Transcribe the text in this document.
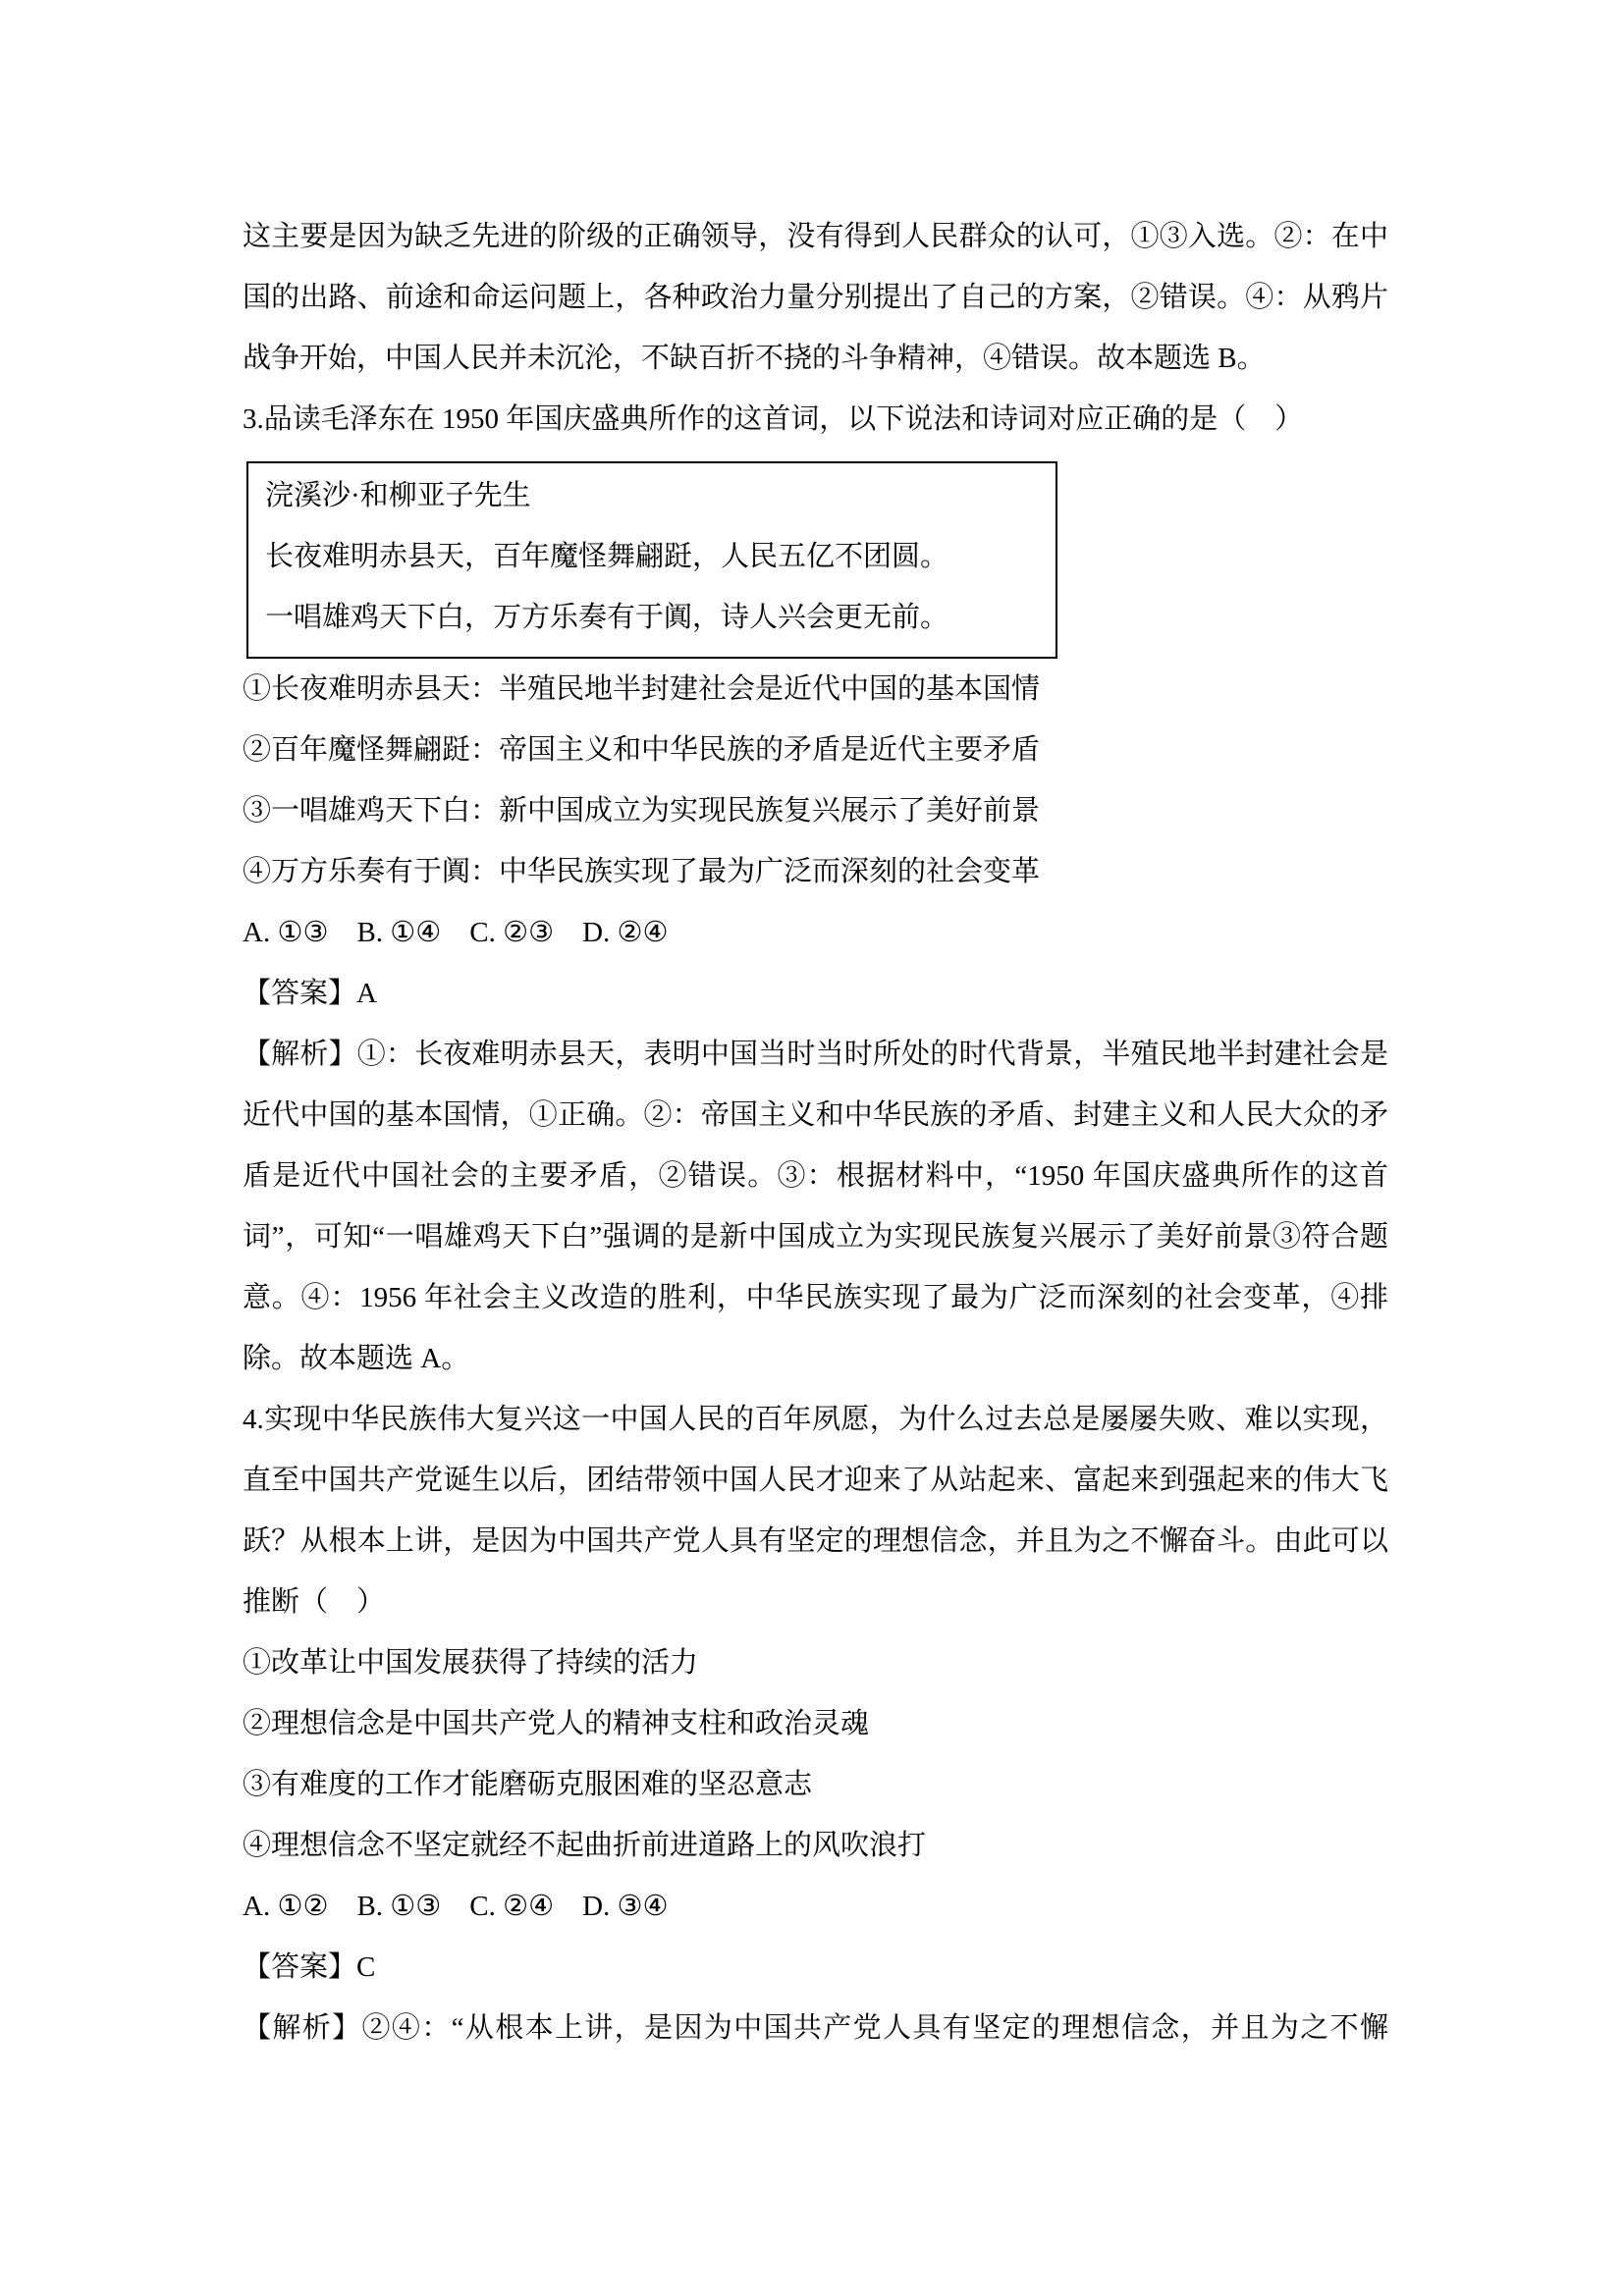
这主要是因为缺乏先进的阶级的正确领导，没有得到人民群众的认可，①③入选。②：在中国的出路、前途和命运问题上，各种政治力量分别提出了自己的方案，②错误。④：从鸦片战争开始，中国人民并未沉沦，不缺百折不挠的斗争精神，④错误。故本题选 B。

3.品读毛泽东在 1950 年国庆盛典所作的这首词，以下说法和诗词对应正确的是（　）

浣溪沙·和柳亚子先生

长夜难明赤县天，百年魔怪舞翩跹，人民五亿不团圆。

一唱雄鸡天下白，万方乐奏有于阗，诗人兴会更无前。

①长夜难明赤县天：半殖民地半封建社会是近代中国的基本国情

②百年魔怪舞翩跹：帝国主义和中华民族的矛盾是近代主要矛盾

③一唱雄鸡天下白：新中国成立为实现民族复兴展示了美好前景

④万方乐奏有于阗：中华民族实现了最为广泛而深刻的社会变革

A. ①③　B. ①④　C. ②③　D. ②④

【答案】A

【解析】①：长夜难明赤县天，表明中国当时当时所处的时代背景，半殖民地半封建社会是近代中国的基本国情，①正确。②：帝国主义和中华民族的矛盾、封建主义和人民大众的矛盾是近代中国社会的主要矛盾，②错误。③：根据材料中，“1950 年国庆盛典所作的这首词”，可知“一唱雄鸡天下白”强调的是新中国成立为实现民族复兴展示了美好前景③符合题意。④：1956 年社会主义改造的胜利，中华民族实现了最为广泛而深刻的社会变革，④排除。故本题选 A。

4.实现中华民族伟大复兴这一中国人民的百年夙愿，为什么过去总是屡屡失败、难以实现，直至中国共产党诞生以后，团结带领中国人民才迎来了从站起来、富起来到强起来的伟大飞跃？从根本上讲，是因为中国共产党人具有坚定的理想信念，并且为之不懈奋斗。由此可以推断（　）

①改革让中国发展获得了持续的活力

②理想信念是中国共产党人的精神支柱和政治灵魂

③有难度的工作才能磨砺克服困难的坚忍意志

④理想信念不坚定就经不起曲折前进道路上的风吹浪打

A. ①②　B. ①③　C. ②④　D. ③④

【答案】C

【解析】②④：“从根本上讲，是因为中国共产党人具有坚定的理想信念，并且为之不懈
